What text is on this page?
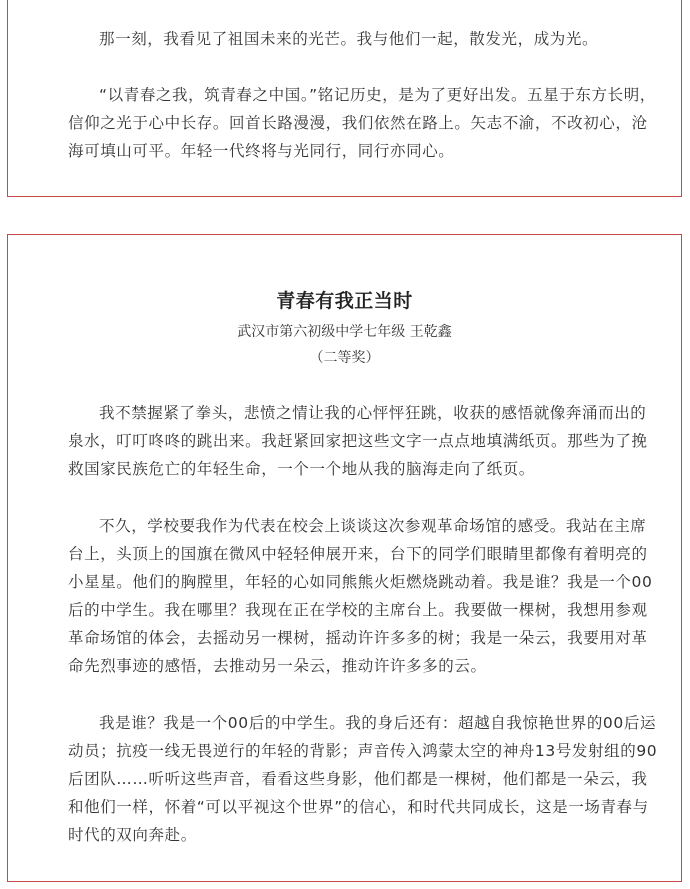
那一刻，我看见了祖国未来的光芒。我与他们一起，散发光，成为光。

“以青春之我，筑青春之中国。”铭记历史，是为了更好出发。五星于东方长明，信仰之光于心中长存。回首长路漫漫，我们依然在路上。矢志不渝，不改初心，沧海可填山可平。年轻一代终将与光同行，同行亦同心。

青春有我正当时
武汉市第六初级中学七年级 王乾鑫
（二等奖）

我不禁握紧了拳头，悲愤之情让我的心怦怦狂跳，收获的感悟就像奔涌而出的泉水，叮叮咚咚的跳出来。我赶紧回家把这些文字一点点地填满纸页。那些为了挽救国家民族危亡的年轻生命，一个一个地从我的脑海走向了纸页。

不久，学校要我作为代表在校会上谈谈这次参观革命场馆的感受。我站在主席台上，头顶上的国旗在微风中轻轻伸展开来，台下的同学们眼睛里都像有着明亮的小星星。他们的胸膛里，年轻的心如同熊熊火炬燃烧跳动着。我是谁？我是一个00后的中学生。我在哪里？我现在正在学校的主席台上。我要做一棵树，我想用参观革命场馆的体会，去摇动另一棵树，摇动许许多多的树；我是一朵云，我要用对革命先烈事迹的感悟，去推动另一朵云，推动许许多多的云。

我是谁？我是一个00后的中学生。我的身后还有：超越自我惊艳世界的00后运动员；抗疫一线无畏逆行的年轻的背影；声音传入鸿蒙太空的神舟13号发射组的90后团队……听听这些声音，看看这些身影，他们都是一棵树，他们都是一朵云，我和他们一样，怀着“可以平视这个世界”的信心，和时代共同成长，这是一场青春与时代的双向奔赴。
